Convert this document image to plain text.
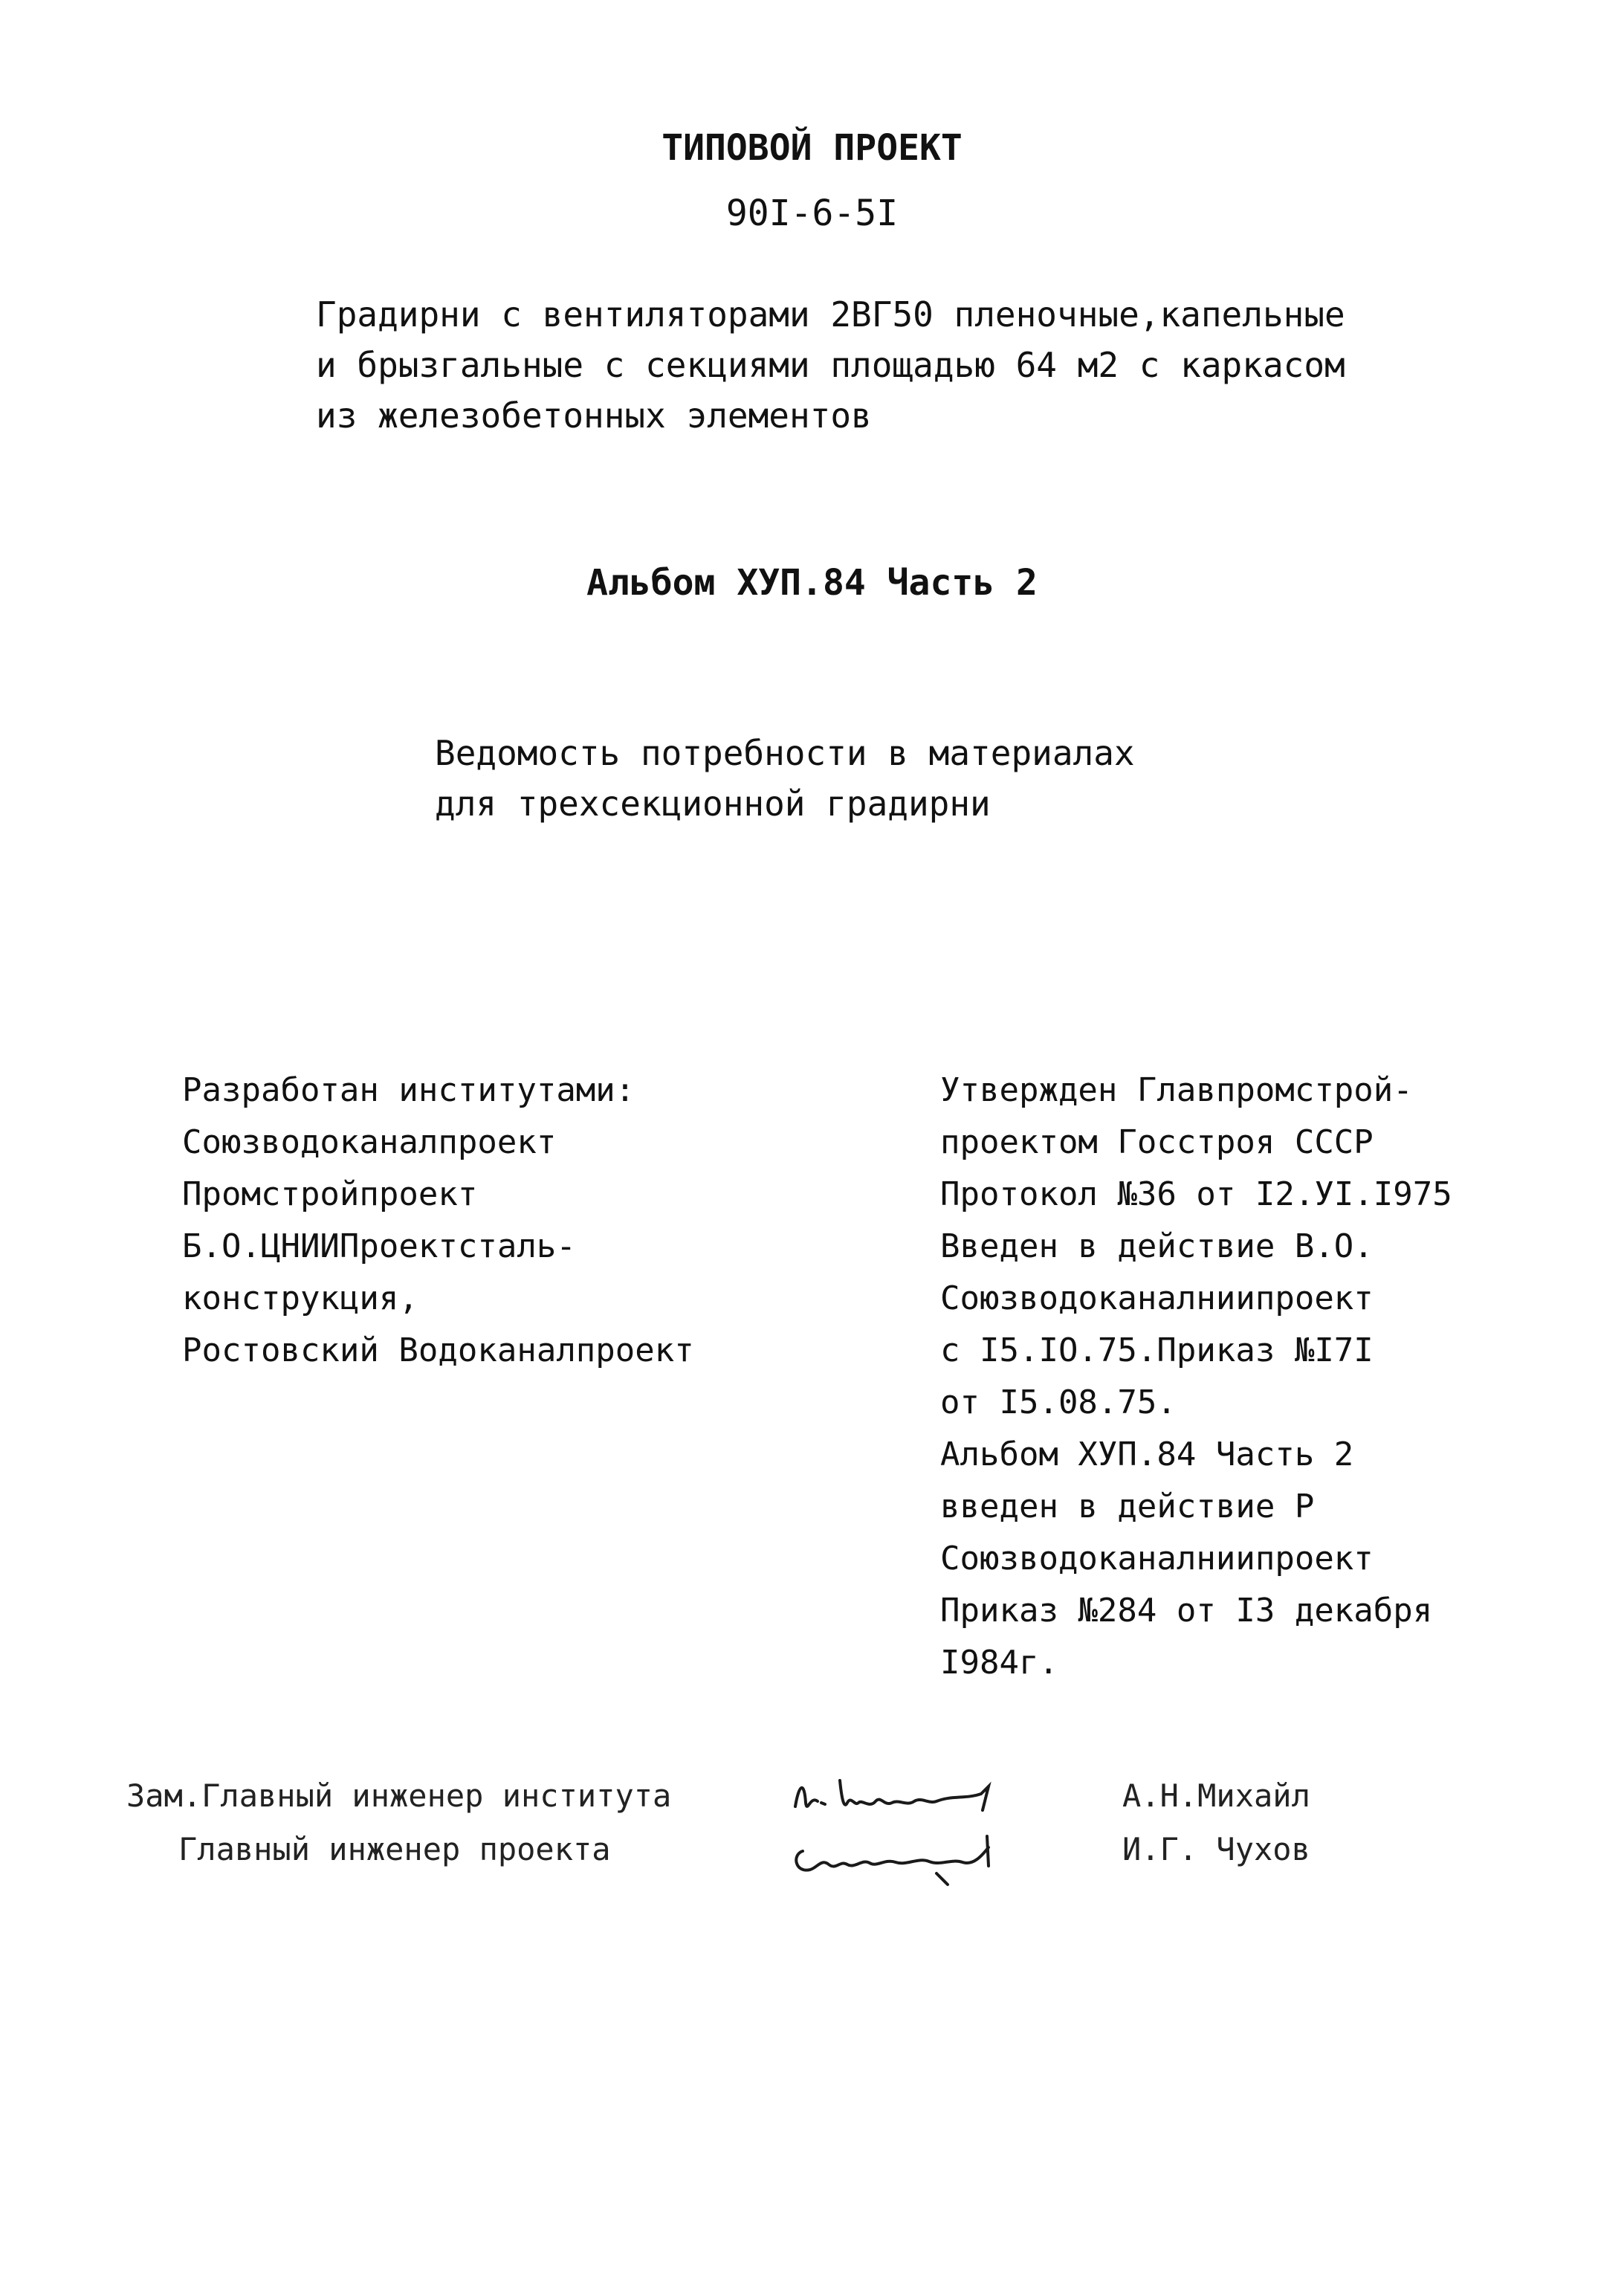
ТИПОВОЙ ПРОЕКТ
90I-6-5I
Градирни с вентиляторами 2ВГ50 пленочные,капельные
и брызгальные с секциями площадью 64 м2 с каркасом
из железобетонных элементов
Альбом ХУП.84 Часть 2
Ведомость потребности в материалах
для трехсекционной градирни
Разработан институтами:
Союзводоканалпроект
Промстройпроект
Б.О.ЦНИИПроектсталь-
конструкция,
Ростовский Водоканалпроект
Утвержден Главпромстрой-
проектом Госстроя СССР
Протокол №36 от I2.УI.I975
Введен в действие В.О.
Союзводоканалниипроект
с I5.IO.75.Приказ №I7I
от I5.08.75.
Альбом ХУП.84 Часть 2
введен в действие Р
Союзводоканалниипроект
Приказ №284 от I3 декабря
I984г.
Зам.Главный инженер института
Главный инженер проекта
А.Н.Михайл
И.Г. Чухов
